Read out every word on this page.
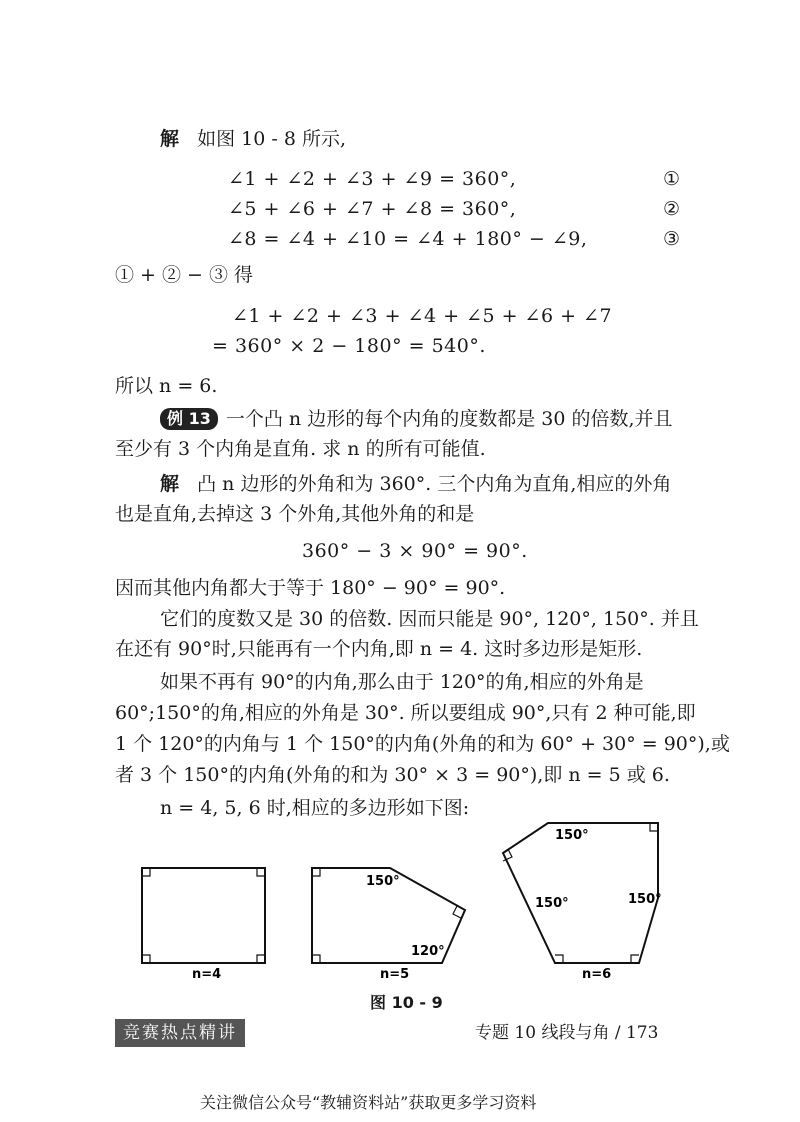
解 如图 10 - 8 所示,
∠1 + ∠2 + ∠3 + ∠9 = 360°,	①
∠5 + ∠6 + ∠7 + ∠8 = 360°,	②
∠8 = ∠4 + ∠10 = ∠4 + 180° − ∠9,	③
① + ② − ③ 得
∠1 + ∠2 + ∠3 + ∠4 + ∠5 + ∠6 + ∠7
= 360° × 2 − 180° = 540°.
所以 n = 6.
例 13 一个凸 n 边形的每个内角的度数都是 30 的倍数,并且
至少有 3 个内角是直角. 求 n 的所有可能值.
解 凸 n 边形的外角和为 360°. 三个内角为直角,相应的外角
也是直角,去掉这 3 个外角,其他外角的和是
360° − 3 × 90° = 90°.
因而其他内角都大于等于 180° − 90° = 90°.
它们的度数又是 30 的倍数. 因而只能是 90°, 120°, 150°. 并且
在还有 90°时,只能再有一个内角,即 n = 4. 这时多边形是矩形.
如果不再有 90°的内角,那么由于 120°的角,相应的外角是
60°;150°的角,相应的外角是 30°. 所以要组成 90°,只有 2 种可能,即
1 个 120°的内角与 1 个 150°的内角(外角的和为 60° + 30° = 90°),或
者 3 个 150°的内角(外角的和为 30° × 3 = 90°),即 n = 5 或 6.
n = 4, 5, 6 时,相应的多边形如下图:
n=4
150°
120°
n=5
150°
150°	150°
n=6
图 10 - 9
竞赛热点精讲	专题 10 线段与角 / 173
关注微信公众号“教辅资料站”获取更多学习资料
